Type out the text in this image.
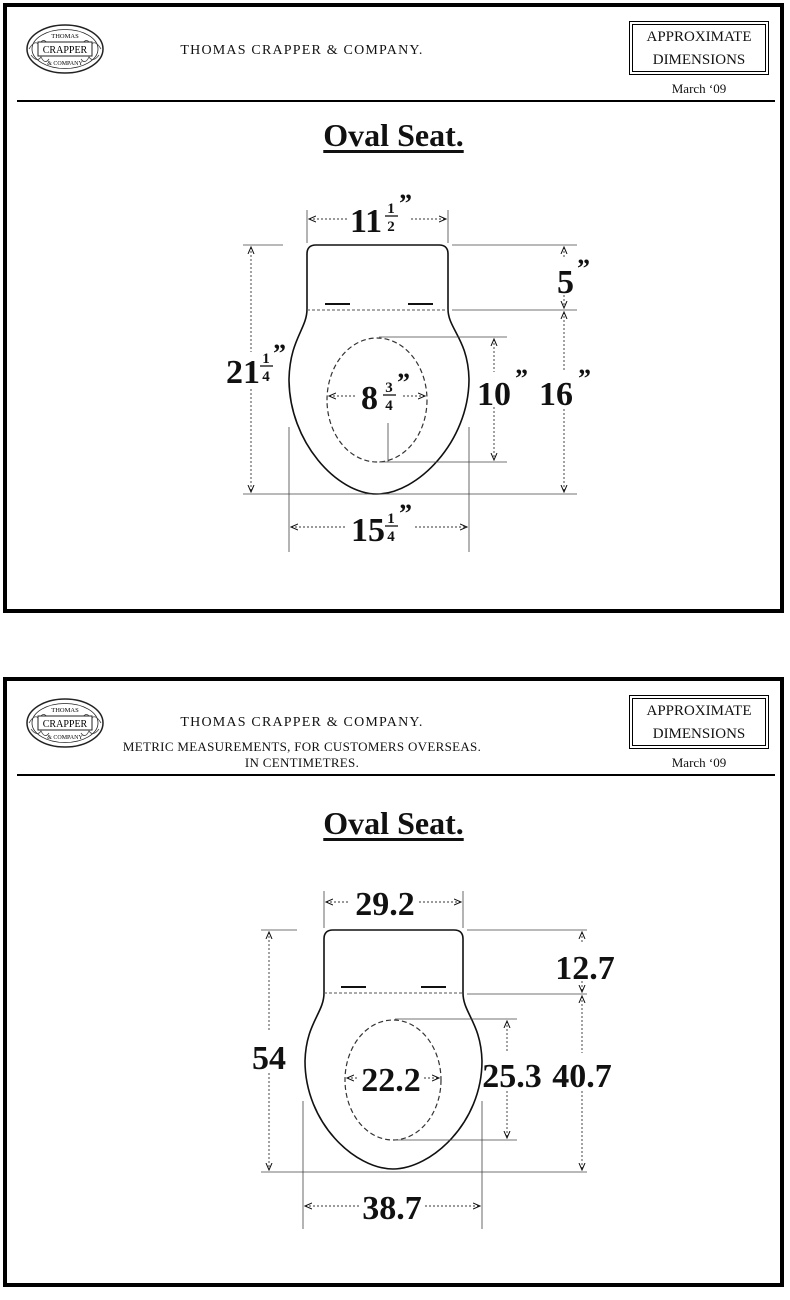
THOMAS
CRAPPER
& COMPANY
THOMAS CRAPPER & COMPANY.
APPROXIMATE
DIMENSIONS
March ‘09
Oval Seat.
11 1
2
”
21 1
4
”
5 ”
10 ” 16 ”
8 3
4
”
15 1
4
”
THOMAS
CRAPPER
& COMPANY
THOMAS CRAPPER & COMPANY.
METRIC MEASUREMENTS, FOR CUSTOMERS OVERSEAS.
IN CENTIMETRES.
APPROXIMATE
DIMENSIONS
March ‘09
Oval Seat.
29.2
12.7
54
22.2 25.3 40.7
38.7
